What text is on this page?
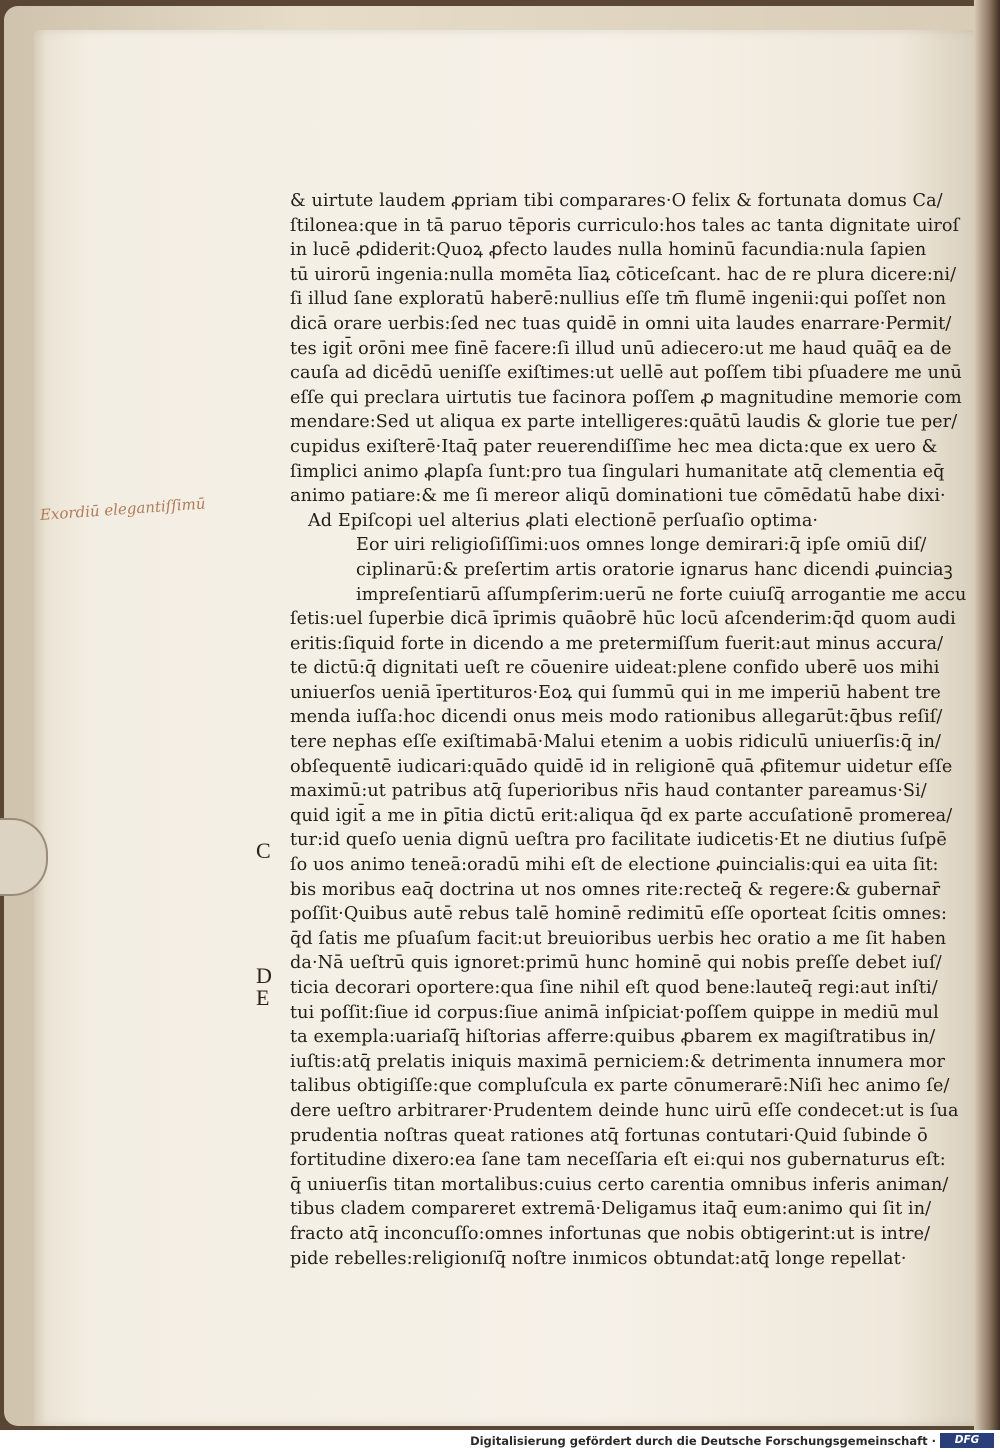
Exordiū elegantiſſimū
C
D
E
& uirtute laudem ꝓpriam tibi comparares·O felix & fortunata domus Ca/
ſtilonea:que in tā paruo tēporis curriculo:hos tales ac tanta dignitate uiroſ
in lucē ꝓdiderit:Quoꝝ ꝓfecto laudes nulla hominū facundia:nula ſapien
tū uirorū ingenia:nulla momēta līaꝝ cōticeſcant. hac de re plura dicere:ni/
ſi illud ſane exploratū haberē:nullius eſſe tm̄ flumē ingenii:qui poſſet non
dicā orare uerbis:ſed nec tuas quidē in omni uita laudes enarrare·Permit/
tes igit̄ orōni mee finē facere:ſi illud unū adiecero:ut me haud quāq̄ ea de
cauſa ad dicēdū ueniſſe exiſtimes:ut uellē aut poſſem tibi pſuadere me unū
eſſe qui preclara uirtutis tue facinora poſſem ꝓ magnitudine memorie com
mendare:Sed ut aliqua ex parte intelligeres:quātū laudis & glorie tue per/
cupidus exiſterē·Itaq̄ pater reuerendiſſime hec mea dicta:que ex uero &
ſimplici animo ꝓlapſa ſunt:pro tua ſingulari humanitate atq̄ clementia eq̄
animo patiare:& me ſi mereor aliqū dominationi tue cōmēdatū habe dixi·
Ad Epiſcopi uel alterius ꝓlati electionē perſuaſio optima·
Eor uiri religioſiſſimi:uos omnes longe demirari:q̄ ipſe omiū diſ/
ciplinarū:& preſertim artis oratorie ignarus hanc dicendi ꝓuinciaꝫ
impreſentiarū aſſumpſerim:uerū ne forte cuiuſq̄ arrogantie me accu
ſetis:uel ſuperbie dicā īprimis quāobrē hūc locū aſcenderim:q̄d quom audi
eritis:ſiquid forte in dicendo a me pretermiſſum fuerit:aut minus accura/
te dictū:q̄ dignitati ueſt re cōuenire uideat:plene confido uberē uos mihi
uniuerſos ueniā īpertituros·Eoꝝ qui ſummū qui in me imperiū habent tre
menda iuſſa:hoc dicendi onus meis modo rationibus allegarūt:q̄bus reſiſ/
tere nephas eſſe exiſtimabā·Malui etenim a uobis ridiculū uniuerſis:q̄ in/
obſequentē iudicari:quādo quidē id in religionē quā ꝓfitemur uidetur eſſe
maximū:ut patribus atq̄ ſuperioribus nr̄is haud contanter pareamus·Si/
quid igit̄ a me in ꝑītia dictū erit:aliqua q̄d ex parte accuſationē promerea/
tur:id queſo uenia dignū ueſtra pro facilitate iudicetis·Et ne diutius ſuſpē
ſo uos animo teneā:oradū mihi eſt de electione ꝓuincialis:qui ea uita ſit:
bis moribus eaq̄ doctrina ut nos omnes rite:recteq̄ & regere:& gubernar̄
poſſit·Quibus autē rebus talē hominē redimitū eſſe oporteat ſcitis omnes:
q̄d ſatis me pſuaſum facit:ut breuioribus uerbis hec oratio a me ſit haben
da·Nā ueſtrū quis ignoret:primū hunc hominē qui nobis preſſe debet iuſ/
ticia decorari oportere:qua ſine nihil eſt quod bene:lauteq̄ regi:aut inſti/
tui poſſit:ſiue id corpus:ſiue animā inſpiciat·poſſem quippe in mediū mul
ta exempla:uariaſq̄ hiſtorias afferre:quibus ꝓbarem ex magiſtratibus in/
iuſtis:atq̄ prelatis iniquis maximā perniciem:& detrimenta innumera mor
talibus obtigiſſe:que compluſcula ex parte cōnumerarē:Niſi hec animo ſe/
dere ueſtro arbitrarer·Prudentem deinde hunc uirū eſſe condecet:ut is ſua
prudentia noſtras queat rationes atq̄ fortunas contutari·Quid ſubinde ō
fortitudine dixero:ea ſane tam neceſſaria eſt ei:qui nos gubernaturus eſt:
q̄ uniuerſis titan mortalibus:cuius certo carentia omnibus inferis animan/
tibus cladem compareret extremā·Deligamus itaq̄ eum:animo qui ſit in/
fracto atq̄ inconcuſſo:omnes infortunas que nobis obtigerint:ut is intre/
pide rebelles:religionıſq̄ noſtre inımicos obtundat:atq̄ longe repellat·
Digitalisierung gefördert durch die Deutsche Forschungsgemeinschaft ·	DFG
